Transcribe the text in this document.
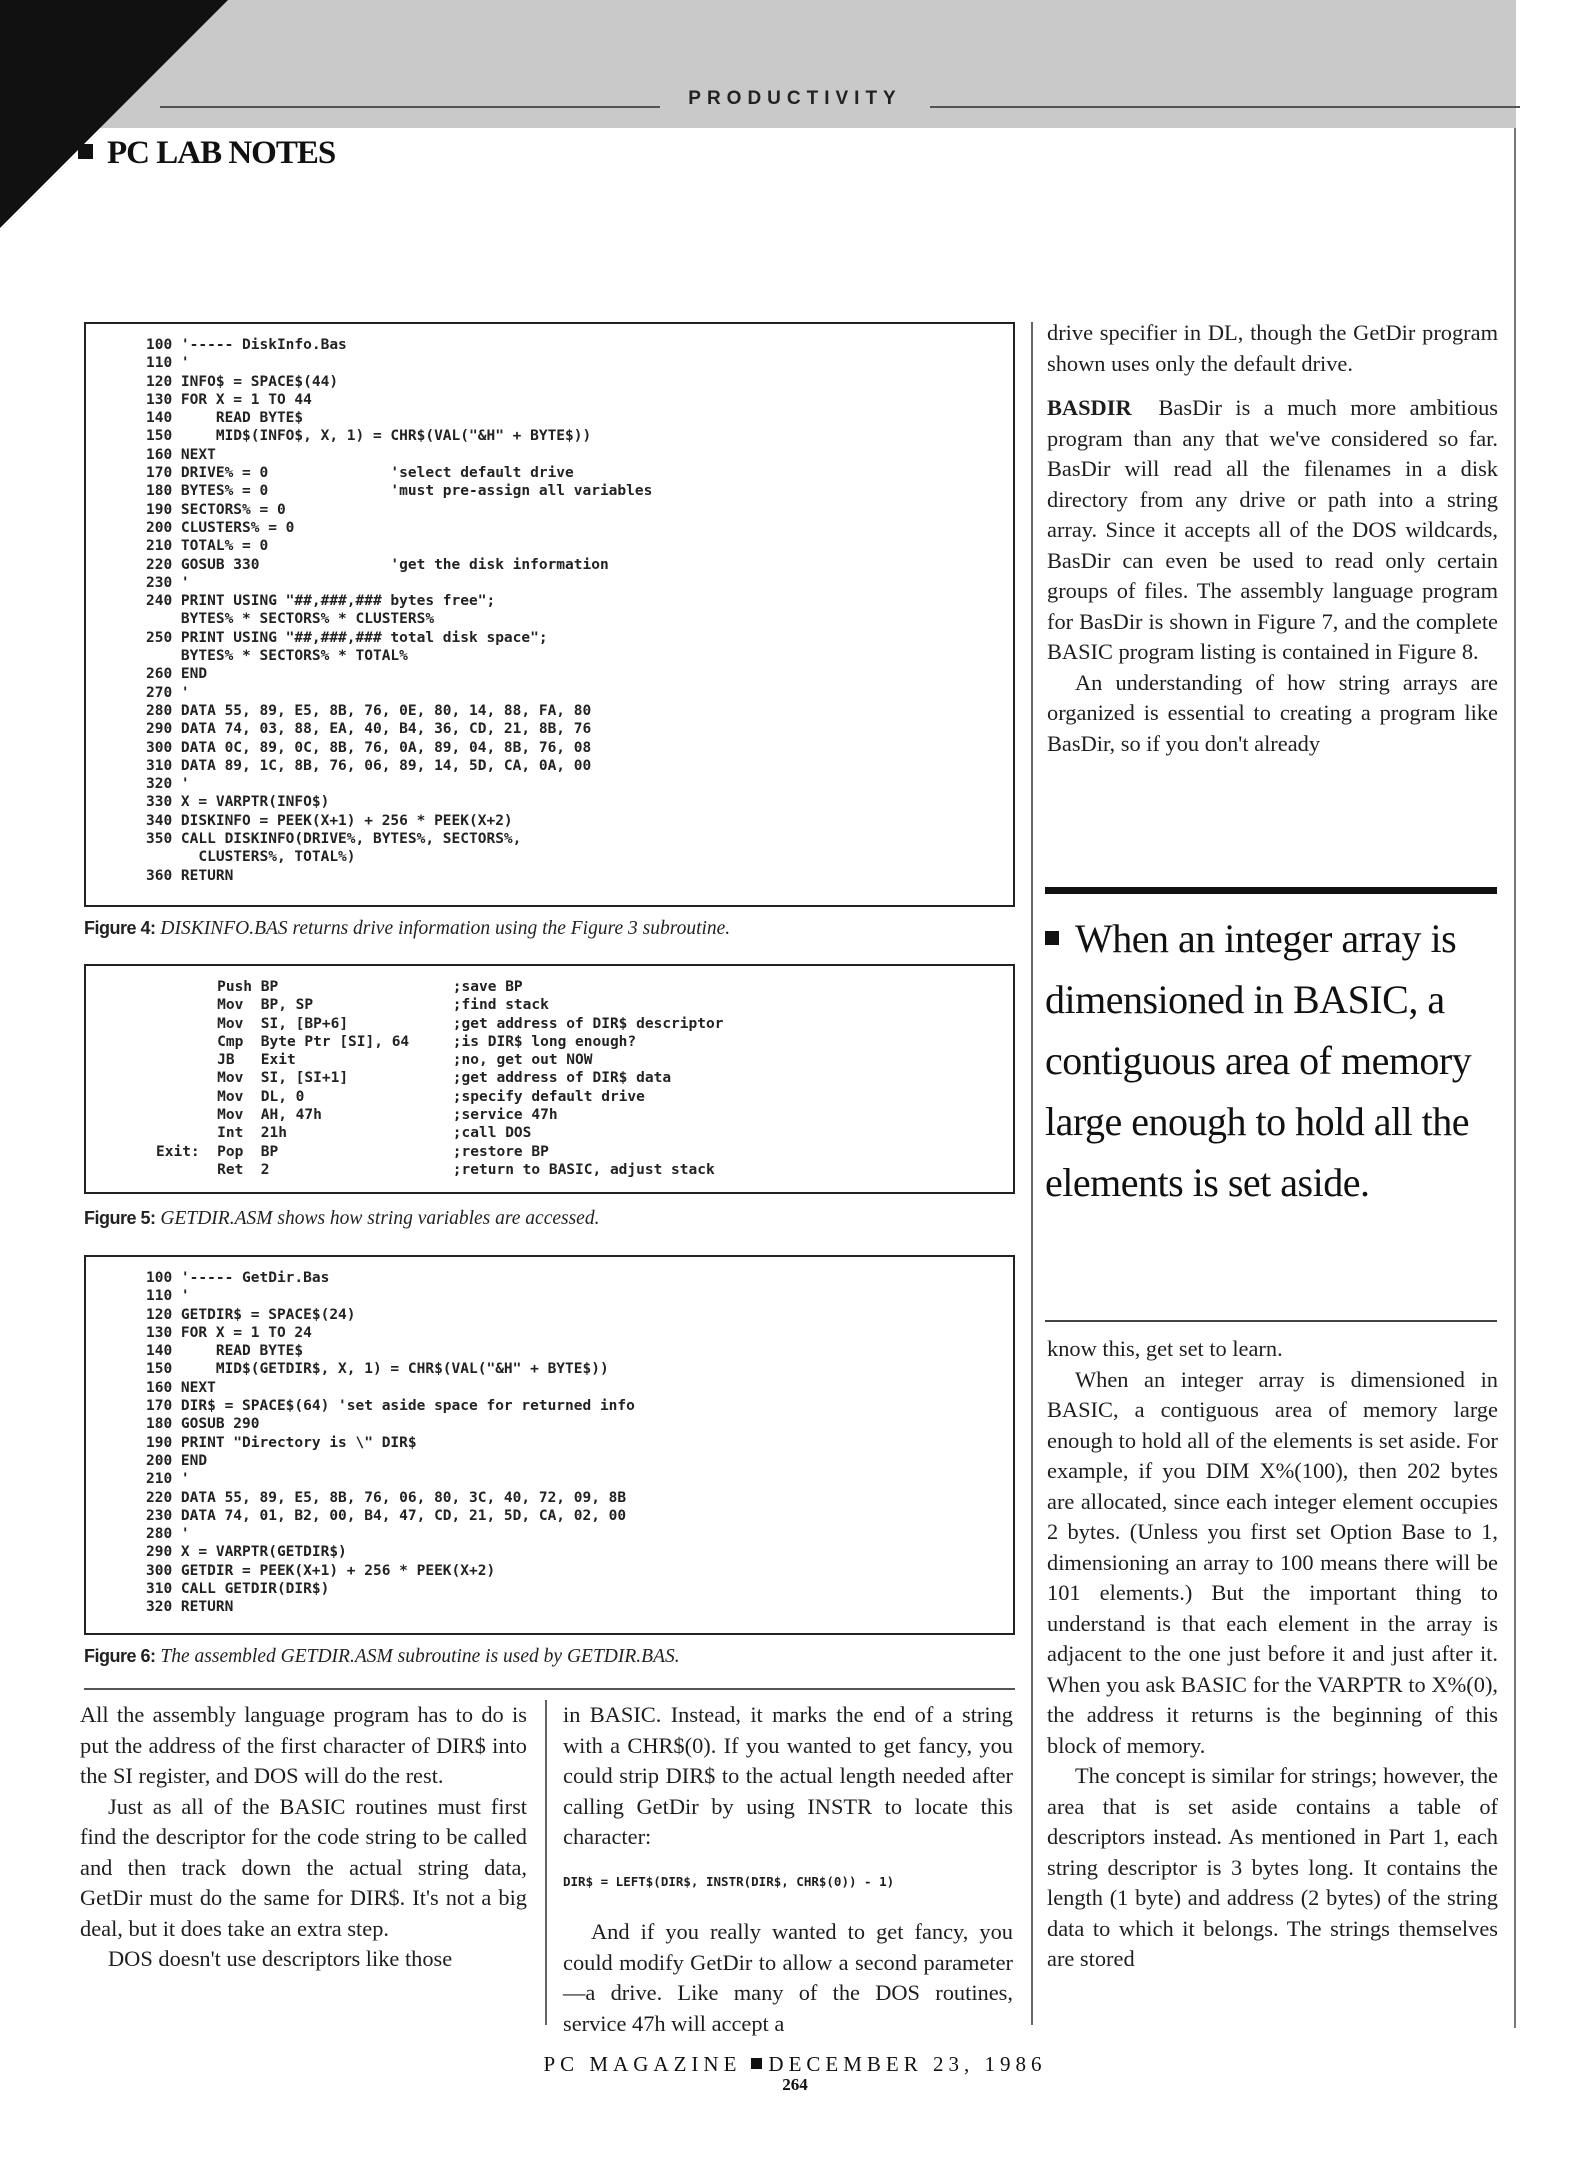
PRODUCTIVITY
PC LAB NOTES
100 '----- DiskInfo.Bas
110 '
120 INFO$ = SPACE$(44)
130 FOR X = 1 TO 44
140     READ BYTE$
150     MID$(INFO$, X, 1) = CHR$(VAL("&H" + BYTE$))
160 NEXT
170 DRIVE% = 0              'select default drive
180 BYTES% = 0              'must pre-assign all variables
190 SECTORS% = 0
200 CLUSTERS% = 0
210 TOTAL% = 0
220 GOSUB 330               'get the disk information
230 '
240 PRINT USING "##,###,### bytes free";
BYTES% * SECTORS% * CLUSTERS%
250 PRINT USING "##,###,### total disk space";
BYTES% * SECTORS% * TOTAL%
260 END
270 '
280 DATA 55, 89, E5, 8B, 76, 0E, 80, 14, 88, FA, 80
290 DATA 74, 03, 88, EA, 40, B4, 36, CD, 21, 8B, 76
300 DATA 0C, 89, 0C, 8B, 76, 0A, 89, 04, 8B, 76, 08
310 DATA 89, 1C, 8B, 76, 06, 89, 14, 5D, CA, 0A, 00
320 '
330 X = VARPTR(INFO$)
340 DISKINFO = PEEK(X+1) + 256 * PEEK(X+2)
350 CALL DISKINFO(DRIVE%, BYTES%, SECTORS%,
CLUSTERS%, TOTAL%)
360 RETURN
Figure 4: DISKINFO.BAS returns drive information using the Figure 3 subroutine.
Push BP                    ;save BP
Mov  BP, SP                ;find stack
Mov  SI, [BP+6]            ;get address of DIR$ descriptor
Cmp  Byte Ptr [SI], 64     ;is DIR$ long enough?
JB   Exit                  ;no, get out NOW
Mov  SI, [SI+1]            ;get address of DIR$ data
Mov  DL, 0                 ;specify default drive
Mov  AH, 47h               ;service 47h
Int  21h                   ;call DOS
Exit:  Pop  BP                    ;restore BP
Ret  2                     ;return to BASIC, adjust stack
Figure 5: GETDIR.ASM shows how string variables are accessed.
100 '----- GetDir.Bas
110 '
120 GETDIR$ = SPACE$(24)
130 FOR X = 1 TO 24
140     READ BYTE$
150     MID$(GETDIR$, X, 1) = CHR$(VAL("&H" + BYTE$))
160 NEXT
170 DIR$ = SPACE$(64) 'set aside space for returned info
180 GOSUB 290
190 PRINT "Directory is \" DIR$
200 END
210 '
220 DATA 55, 89, E5, 8B, 76, 06, 80, 3C, 40, 72, 09, 8B
230 DATA 74, 01, B2, 00, B4, 47, CD, 21, 5D, CA, 02, 00
280 '
290 X = VARPTR(GETDIR$)
300 GETDIR = PEEK(X+1) + 256 * PEEK(X+2)
310 CALL GETDIR(DIR$)
320 RETURN
Figure 6: The assembled GETDIR.ASM subroutine is used by GETDIR.BAS.

All the assembly language program has to do is put the address of the first character of DIR$ into the SI register, and DOS will do the rest.

Just as all of the BASIC routines must first find the descriptor for the code string to be called and then track down the actual string data, GetDir must do the same for DIR$. It's not a big deal, but it does take an extra step.

DOS doesn't use descriptors like those

in BASIC. Instead, it marks the end of a string with a CHR$(0). If you wanted to get fancy, you could strip DIR$ to the actual length needed after calling GetDir by using INSTR to locate this character:

DIR$ = LEFT$(DIR$, INSTR(DIR$, CHR$(0)) - 1)

And if you really wanted to get fancy, you could modify GetDir to allow a second parameter—a drive. Like many of the DOS routines, service 47h will accept a

drive specifier in DL, though the GetDir program shown uses only the default drive.

BASDIR BasDir is a much more ambitious program than any that we've considered so far. BasDir will read all the filenames in a disk directory from any drive or path into a string array. Since it accepts all of the DOS wildcards, BasDir can even be used to read only certain groups of files. The assembly language program for BasDir is shown in Figure 7, and the complete BASIC program listing is contained in Figure 8.

An understanding of how string arrays are organized is essential to creating a program like BasDir, so if you don't already

When an integer array is dimensioned in BASIC, a contiguous area of memory large enough to hold all the elements is set aside.

know this, get set to learn.

When an integer array is dimensioned in BASIC, a contiguous area of memory large enough to hold all of the elements is set aside. For example, if you DIM X%(100), then 202 bytes are allocated, since each integer element occupies 2 bytes. (Unless you first set Option Base to 1, dimensioning an array to 100 means there will be 101 elements.) But the important thing to understand is that each element in the array is adjacent to the one just before it and just after it. When you ask BASIC for the VARPTR to X%(0), the address it returns is the beginning of this block of memory.

The concept is similar for strings; however, the area that is set aside contains a table of descriptors instead. As mentioned in Part 1, each string descriptor is 3 bytes long. It contains the length (1 byte) and address (2 bytes) of the string data to which it belongs. The strings themselves are stored

PC MAGAZINE DECEMBER 23, 1986
264
